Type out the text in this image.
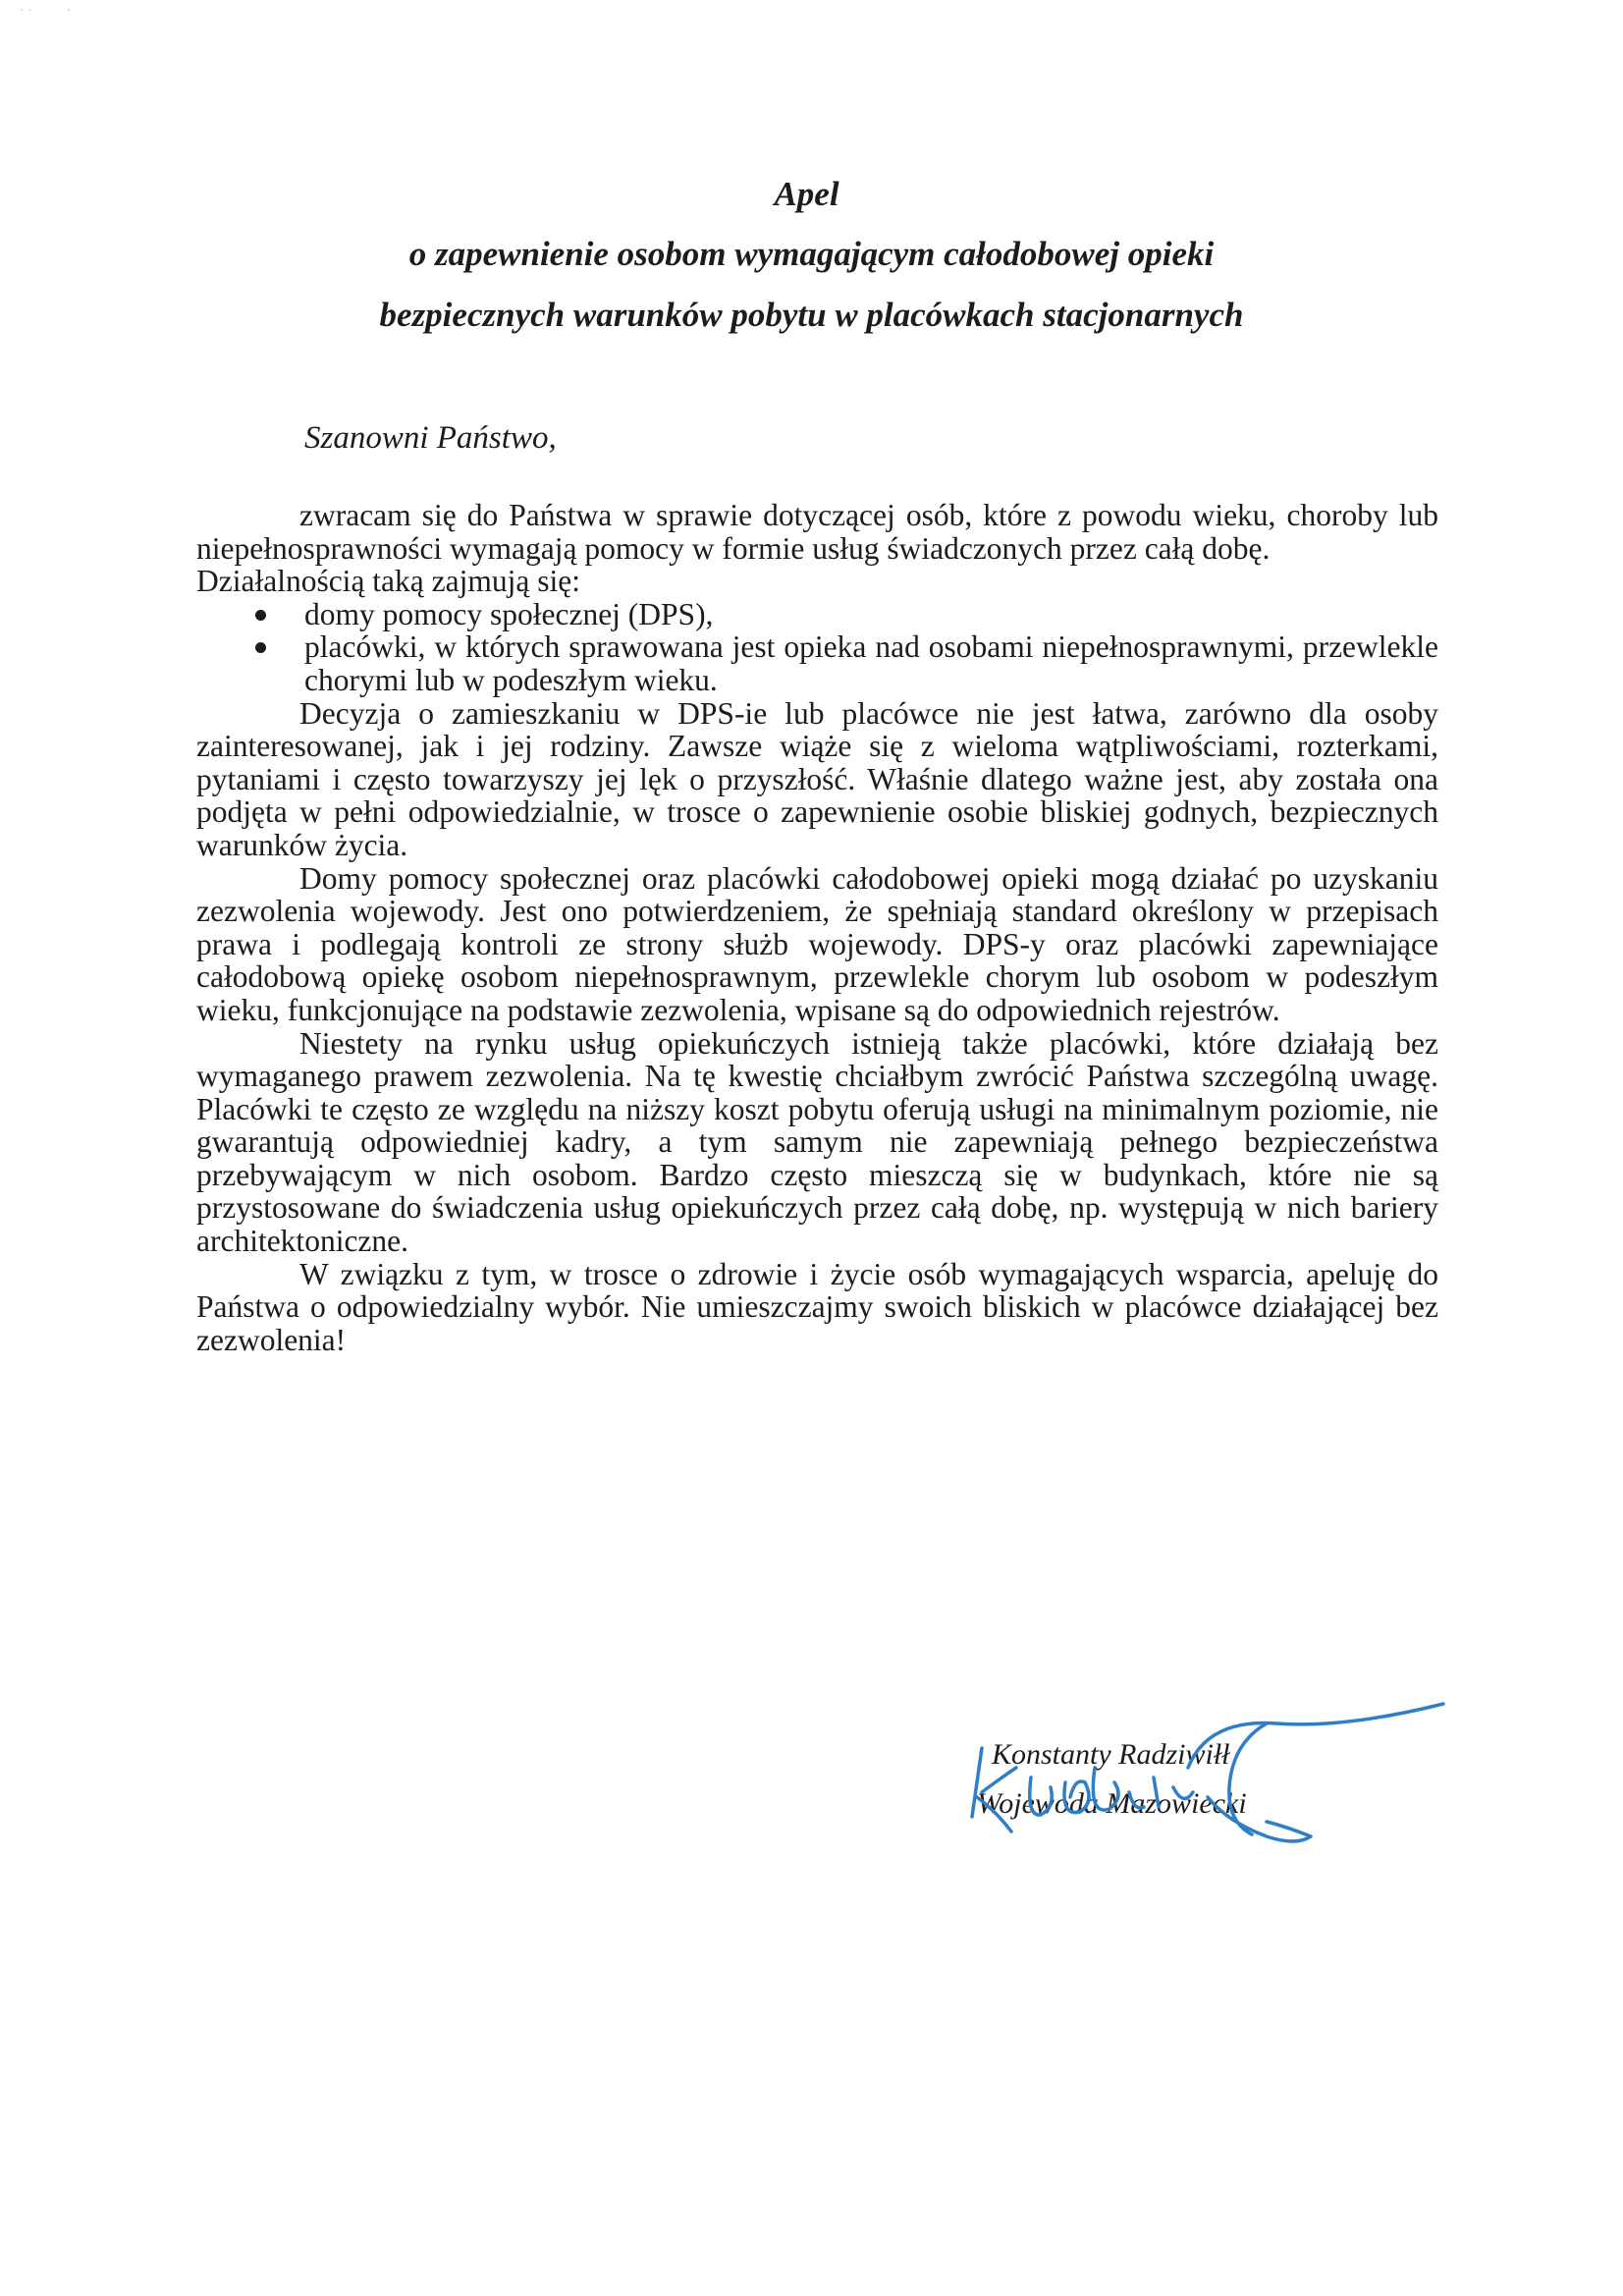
· ·          ·
Apel
o zapewnienie osobom wymagającym całodobowej opieki
bezpiecznych warunków pobytu w placówkach stacjonarnych
Szanowni Państwo,

zwracam się do Państwa w sprawie dotyczącej osób, które z powodu wieku, choroby lub niepełnosprawności wymagają pomocy w formie usług świadczonych przez całą dobę.

Działalnością taką zajmują się:

domy pomocy społecznej (DPS),
placówki, w których sprawowana jest opieka nad osobami niepełnosprawnymi, przewlekle chorymi lub w podeszłym wieku.

Decyzja o zamieszkaniu w DPS-ie lub placówce nie jest łatwa, zarówno dla osoby zainteresowanej, jak i jej rodziny. Zawsze wiąże się z wieloma wątpliwościami, rozterkami, pytaniami i często towarzyszy jej lęk o przyszłość. Właśnie dlatego ważne jest, aby została ona podjęta w pełni odpowiedzialnie, w trosce o zapewnienie osobie bliskiej godnych, bezpiecznych warunków życia.

Domy pomocy społecznej oraz placówki całodobowej opieki mogą działać po uzyskaniu zezwolenia wojewody. Jest ono potwierdzeniem, że spełniają standard określony w przepisach prawa i podlegają kontroli ze strony służb wojewody. DPS-y oraz placówki zapewniające całodobową opiekę osobom niepełnosprawnym, przewlekle chorym lub osobom w podeszłym wieku, funkcjonujące na podstawie zezwolenia, wpisane są do odpowiednich rejestrów.

Niestety na rynku usług opiekuńczych istnieją także placówki, które działają bez wymaganego prawem zezwolenia. Na tę kwestię chciałbym zwrócić Państwa szczególną uwagę. Placówki te często ze względu na niższy koszt pobytu oferują usługi na minimalnym poziomie, nie gwarantują odpowiedniej kadry, a tym samym nie zapewniają pełnego bezpieczeństwa przebywającym w nich osobom. Bardzo często mieszczą się w budynkach, które nie są przystosowane do świadczenia usług opiekuńczych przez całą dobę, np. występują w nich bariery architektoniczne.

W związku z tym, w trosce o zdrowie i życie osób wymagających wsparcia, apeluję do Państwa o odpowiedzialny wybór. Nie umieszczajmy swoich bliskich w placówce działającej bez zezwolenia!

Konstanty Radziwiłł
Wojewoda Mazowiecki
